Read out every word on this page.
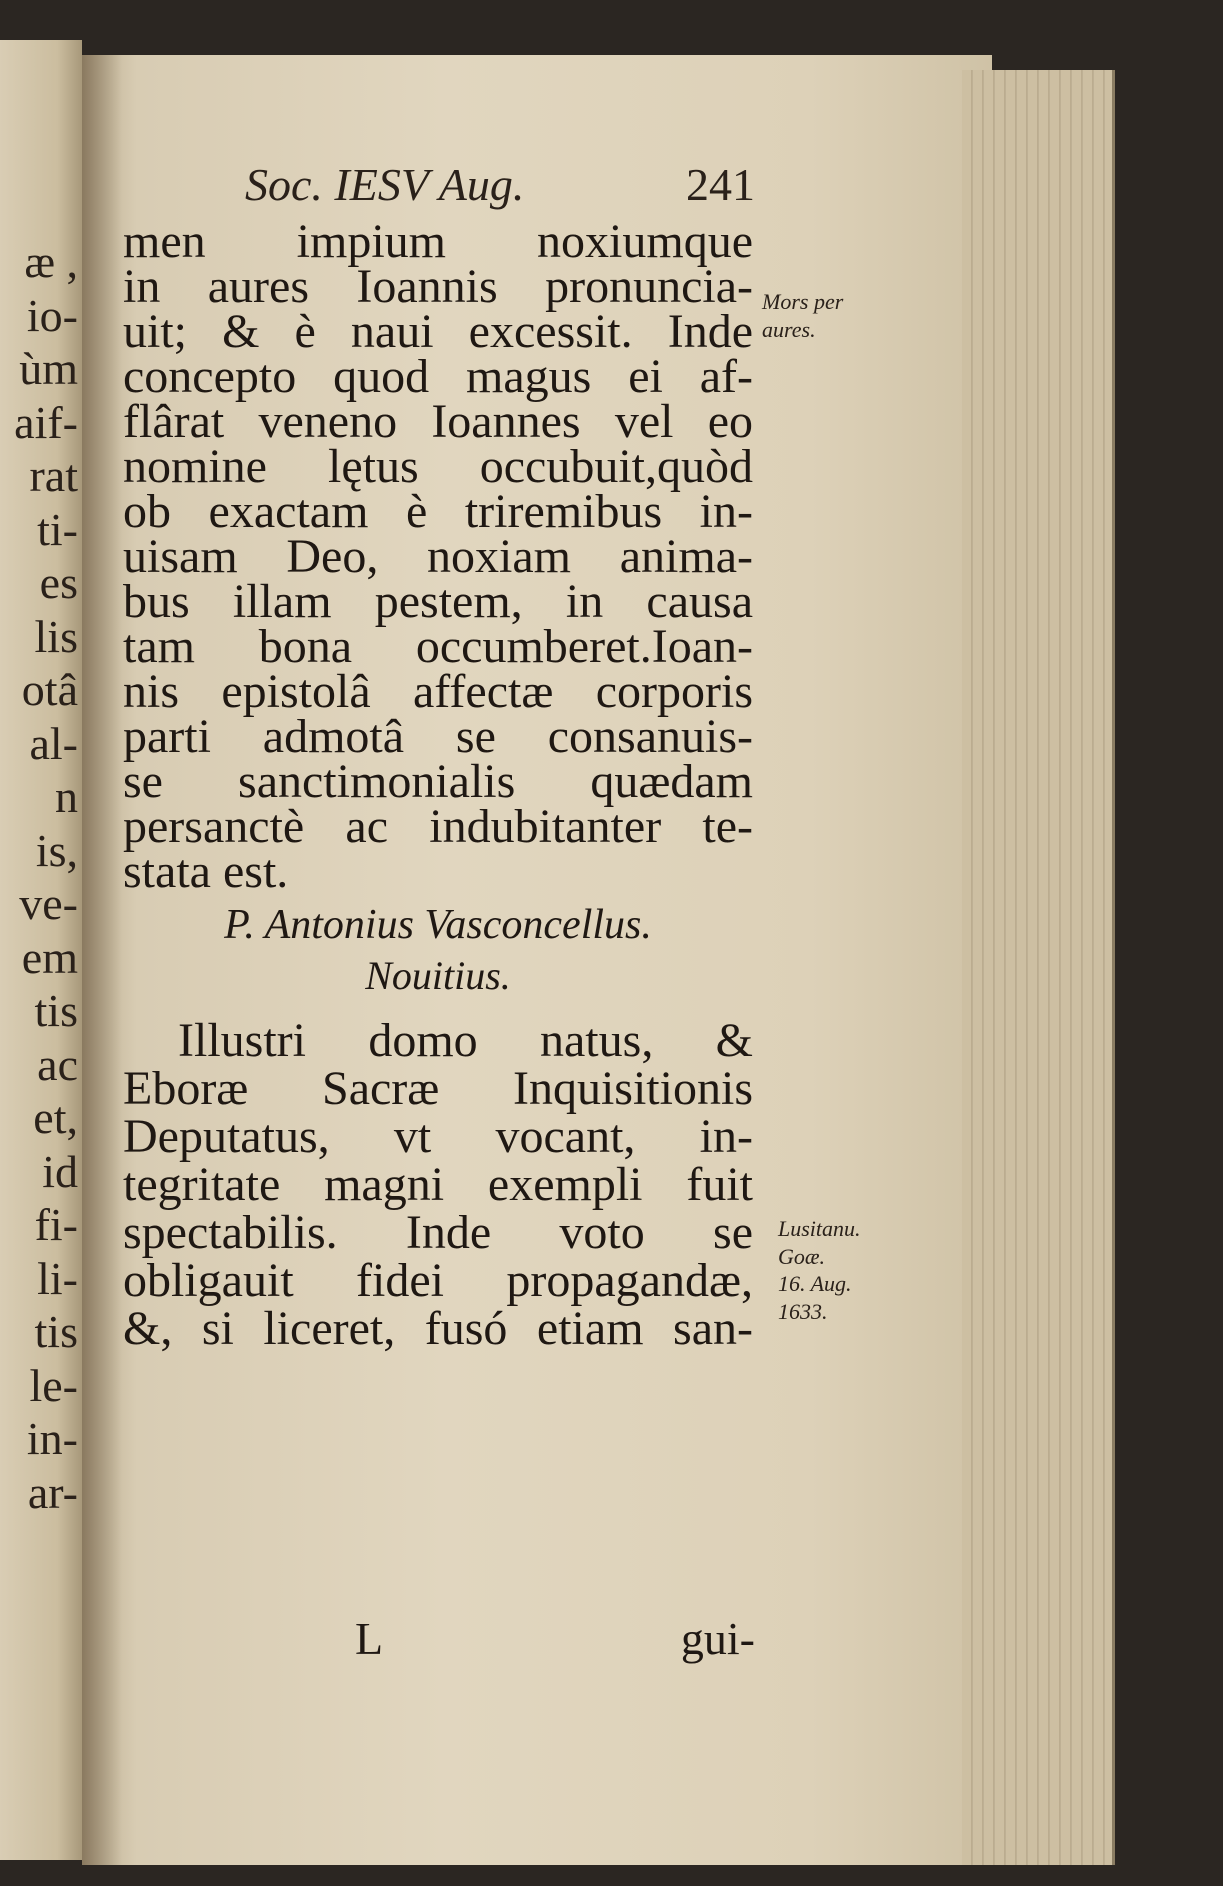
æ ,
io-
ùm
aif-
rat
ti-
es
lis
otâ
al-
n
is,
ve-
em
tis
ac
et,
id
fi-
li-
tis
le-
in-
ar-
Soc. IESV Aug.	241
men impium noxiumque
in aures Ioannis pronuncia-
uit; & è naui excessit. Inde
concepto quod magus ei af-
flârat veneno Ioannes vel eo
nomine lętus occubuit,quòd
ob exactam è triremibus in-
uisam Deo, noxiam anima-
bus illam pestem, in causa
tam bona occumberet.Ioan-
nis epistolâ affectæ corporis
parti admotâ se consanuis-
se sanctimonialis quædam
persanctè ac indubitanter te-
stata est.
P. Antonius Vasconcellus.
Nouitius.
Illustri domo natus, &
Eboræ Sacræ Inquisitionis
Deputatus, vt vocant, in-
tegritate magni exempli fuit
spectabilis. Inde voto se
obligauit fidei propagandæ,
&, si liceret, fusó etiam san-
L	gui-
Mors per
aures.
Lusitanu.
Goæ.
16. Aug.
1633.
